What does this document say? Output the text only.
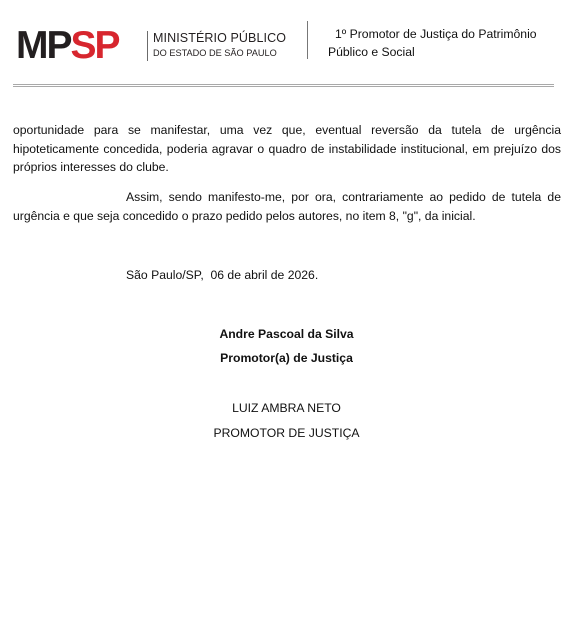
MPSP	MINISTÉRIO PÚBLICO
DO ESTADO DE SÃO PAULO
1º Promotor de Justiça do Patrimônio
Público e Social
oportunidade para se manifestar, uma vez que, eventual reversão da tutela de urgência hipoteticamente concedida, poderia agravar o quadro de instabilidade institucional, em prejuízo dos próprios interesses do clube.
Assim, sendo manifesto-me, por ora, contrariamente ao pedido de tutela de urgência e que seja concedido o prazo pedido pelos autores, no item 8, "g", da inicial.
São Paulo/SP,  06 de abril de 2026.
Andre Pascoal da Silva
Promotor(a) de Justiça
LUIZ AMBRA NETO
PROMOTOR DE JUSTIÇA
